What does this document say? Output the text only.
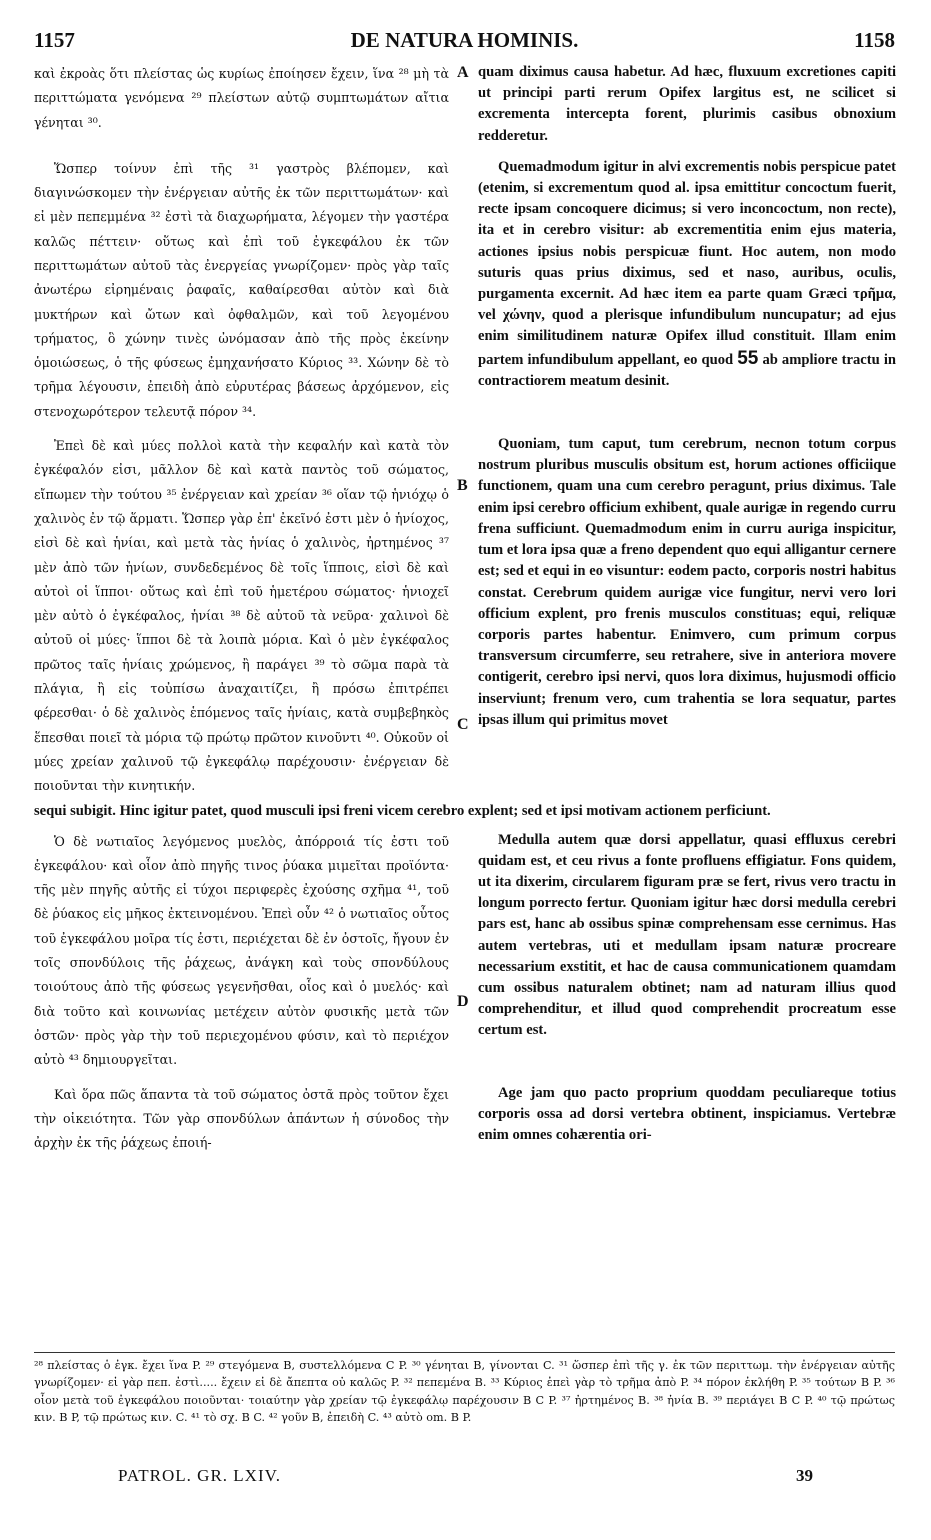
1157	DE NATURA HOMINIS.	1158
καὶ ἐκροὰς ὅτι πλείστας ὡς κυρίως ἐποίησεν ἔχειν, ἵνα ²⁸ μὴ τὰ περιττώματα γενόμενα ²⁹ πλείστων αὐτῷ συμπτωμάτων αἴτια γένηται ³⁰.
A quam diximus causa habetur. Ad hæc, fluxuum excretiones capiti ut principi parti rerum Opifex largitus est, ne scilicet si excrementa intercepta forent, plurimis casibus obnoxium redderetur.
Ὥσπερ τοίνυν ἐπὶ τῆς ³¹ γαστρὸς βλέπομεν, καὶ διαγινώσκομεν τὴν ἐνέργειαν αὐτῆς ἐκ τῶν περιττωμάτων· καὶ εἰ μὲν πεπεμμένα ³² ἐστὶ τὰ διαχωρήματα, λέγομεν τὴν γαστέρα καλῶς πέττειν· οὕτως καὶ ἐπὶ τοῦ ἐγκεφάλου ἐκ τῶν περιττωμάτων αὐτοῦ τὰς ἐνεργείας γνωρίζομεν· πρὸς γὰρ ταῖς ἀνωτέρω εἰρημέναις ῥαφαῖς, καθαίρεσθαι αὐτὸν καὶ διὰ μυκτήρων καὶ ὤτων καὶ ὀφθαλμῶν, καὶ τοῦ λεγομένου τρήματος, ὃ χώνην τινὲς ὠνόμασαν ἀπὸ τῆς πρὸς ἐκείνην ὁμοιώσεως, ὁ τῆς φύσεως ἐμηχανήσατο Κύριος ³³. Χώνην δὲ τὸ τρῆμα λέγουσιν, ἐπειδὴ ἀπὸ εὐρυτέρας βάσεως ἀρχόμενον, εἰς στενοχωρότερον τελευτᾷ πόρον ³⁴.
B
Quemadmodum igitur in alvi excrementis nobis perspicue patet (etenim, si excrementum quod al. ipsa emittitur concoctum fuerit, recte ipsam concoquere dicimus; si vero inconcoctum, non recte), ita et in cerebro visitur: ab excrementitia enim ejus materia, actiones ipsius nobis perspicuæ fiunt. Hoc autem, non modo suturis quas prius diximus, sed et naso, auribus, oculis, purgamenta excernit. Ad hæc item ea parte quam Græci τρῆμα, vel χώνην, quod a plerisque infundibulum nuncupatur; ad ejus enim similitudinem naturæ Opifex illud constituit. Illam enim partem infundibulum appellant, eo quod 55 ab ampliore tractu in contractiorem meatum desinit.
Ἐπεὶ δὲ καὶ μύες πολλοὶ κατὰ τὴν κεφαλήν καὶ κατὰ τὸν ἐγκέφαλόν εἰσι, μᾶλλον δὲ καὶ κατὰ παντὸς τοῦ σώματος, εἴπωμεν τὴν τούτου ³⁵ ἐνέργειαν καὶ χρείαν ³⁶ οἵαν τῷ ἡνιόχῳ ὁ χαλινὸς ἐν τῷ ἅρματι. Ὥσπερ γὰρ ἐπ' ἐκεῖνό ἐστι μὲν ὁ ἡνίοχος, εἰσὶ δὲ καὶ ἡνίαι, καὶ μετὰ τὰς ἡνίας ὁ χαλινὸς, ἠρτημένος ³⁷ μὲν ἀπὸ τῶν ἡνίων, συνδεδεμένος δὲ τοῖς ἵπποις, εἰσὶ δὲ καὶ αὐτοὶ οἱ ἵπποι· οὕτως καὶ ἐπὶ τοῦ ἡμετέρου σώματος· ἡνιοχεῖ μὲν αὐτὸ ὁ ἐγκέφαλος, ἡνίαι ³⁸ δὲ αὐτοῦ τὰ νεῦρα· χαλινοὶ δὲ αὐτοῦ οἱ μύες· ἵπποι δὲ τὰ λοιπὰ μόρια. Καὶ ὁ μὲν ἐγκέφαλος πρῶτος ταῖς ἡνίαις χρώμενος, ἢ παράγει ³⁹ τὸ σῶμα παρὰ τὰ πλάγια, ἢ εἰς τοὐπίσω ἀναχαιτίζει, ἢ πρόσω ἐπιτρέπει φέρεσθαι· ὁ δὲ χαλινὸς ἑπόμενος ταῖς ἡνίαις, κατὰ συμβεβηκὸς ἕπεσθαι ποιεῖ τὰ μόρια τῷ πρώτῳ πρῶτον κινοῦντι ⁴⁰. Οὐκοῦν οἱ μύες χρείαν χαλινοῦ τῷ ἐγκεφάλῳ παρέχουσιν· ἐνέργειαν δὲ ποιοῦνται τὴν κινητικήν.
C
Quoniam, tum caput, tum cerebrum, necnon totum corpus nostrum pluribus musculis obsitum est, horum actiones officiique functionem, quam una cum cerebro peragunt, prius diximus. Tale enim ipsi cerebro officium exhibent, quale aurigæ in regendo curru frena sufficiunt. Quemadmodum enim in curru auriga inspicitur, tum et lora ipsa quæ a freno dependent quo equi alligantur cernere est; sed et equi in eo visuntur: eodem pacto, corporis nostri habitus constat. Cerebrum quidem aurigæ vice fungitur, nervi vero lori officium explent, pro frenis musculos constituas; equi, reliquæ corporis partes habentur. Enimvero, cum primum corpus transversum circumferre, seu retrahere, sive in anteriora movere contigerit, cerebro ipsi nervi, quos lora diximus, hujusmodi officio inserviunt; frenum vero, cum trahentia se lora sequatur, partes ipsas illum qui primitus movet
sequi subigit. Hinc igitur patet, quod musculi ipsi freni vicem cerebro explent; sed et ipsi motivam actionem perficiunt.
Ὁ δὲ νωτιαῖος λεγόμενος μυελὸς, ἀπόρροιά τίς ἐστι τοῦ ἐγκεφάλου· καὶ οἷον ἀπὸ πηγῆς τινος ῥύακα μιμεῖται προϊόντα· τῆς μὲν πηγῆς αὐτῆς εἰ τύχοι περιφερὲς ἐχούσης σχῆμα ⁴¹, τοῦ δὲ ῥύακος εἰς μῆκος ἐκτεινομένου. Ἐπεὶ οὖν ⁴² ὁ νωτιαῖος οὗτος τοῦ ἐγκεφάλου μοῖρα τίς ἐστι, περιέχεται δὲ ἐν ὀστοῖς, ἤγουν ἐν τοῖς σπονδύλοις τῆς ῥάχεως, ἀνάγκη καὶ τοὺς σπονδύλους τοιούτους ἀπὸ τῆς φύσεως γεγενῆσθαι, οἷος καὶ ὁ μυελός· καὶ διὰ τοῦτο καὶ κοινωνίας μετέχειν αὐτὸν φυσικῆς μετὰ τῶν ὀστῶν· πρὸς γὰρ τὴν τοῦ περιεχομένου φύσιν, καὶ τὸ περιέχον αὐτὸ ⁴³ δημιουργεῖται.
D
Medulla autem quæ dorsi appellatur, quasi effluxus cerebri quidam est, et ceu rivus a fonte profluens effigiatur. Fons quidem, ut ita dixerim, circularem figuram præ se fert, rivus vero tractu in longum porrecto fertur. Quoniam igitur hæc dorsi medulla cerebri pars est, hanc ab ossibus spinæ comprehensam esse cernimus. Has autem vertebras, uti et medullam ipsam naturæ procreare necessarium exstitit, et hac de causa communicationem quamdam cum ossibus naturalem obtinet; nam ad naturam illius quod comprehenditur, et illud quod comprehendit procreatum esse certum est.
Καὶ ὅρα πῶς ἅπαντα τὰ τοῦ σώματος ὀστᾶ πρὸς τοῦτον ἔχει τὴν οἰκειότητα. Τῶν γὰρ σπονδύλων ἁπάντων ἡ σύνοδος τὴν ἀρχὴν ἐκ τῆς ῥάχεως ἐποιή-
Age jam quo pacto proprium quoddam peculiareque totius corporis ossa ad dorsi vertebra obtinent, inspiciamus. Vertebræ enim omnes cohærentia ori-
²⁸ πλείστας ὁ ἐγκ. ἔχει ἵνα P. ²⁹ στεγόμενα B, συστελλόμενα C P. ³⁰ γένηται B, γίνονται C. ³¹ ὥσπερ ἐπὶ τῆς γ. ἐκ τῶν περιττωμ. τὴν ἐνέργειαν αὐτῆς γνωρίζομεν· εἰ γὰρ πεπ. ἐστὶ..... ἔχειν εἰ δὲ ἄπεπτα οὐ καλῶς P. ³² πεπεμένα B. ³³ Κύριος ἐπεὶ γὰρ τὸ τρῆμα ἀπὸ P. ³⁴ πόρον ἐκλήθη P. ³⁵ τούτων B P. ³⁶ οἷον μετὰ τοῦ ἐγκεφάλου ποιοῦνται· τοιαύτην γὰρ χρείαν τῷ ἐγκεφάλῳ παρέχουσιν B C P. ³⁷ ἠρτημένος B. ³⁸ ἡνία B. ³⁹ περιάγει B C P. ⁴⁰ τῷ πρώτως κιν. B P, τῷ πρώτως κιν. C. ⁴¹ τὸ σχ. B C. ⁴² γοῦν B, ἐπειδὴ C. ⁴³ αὐτὸ om. B P.
PATROL. GR. LXIV.	39
